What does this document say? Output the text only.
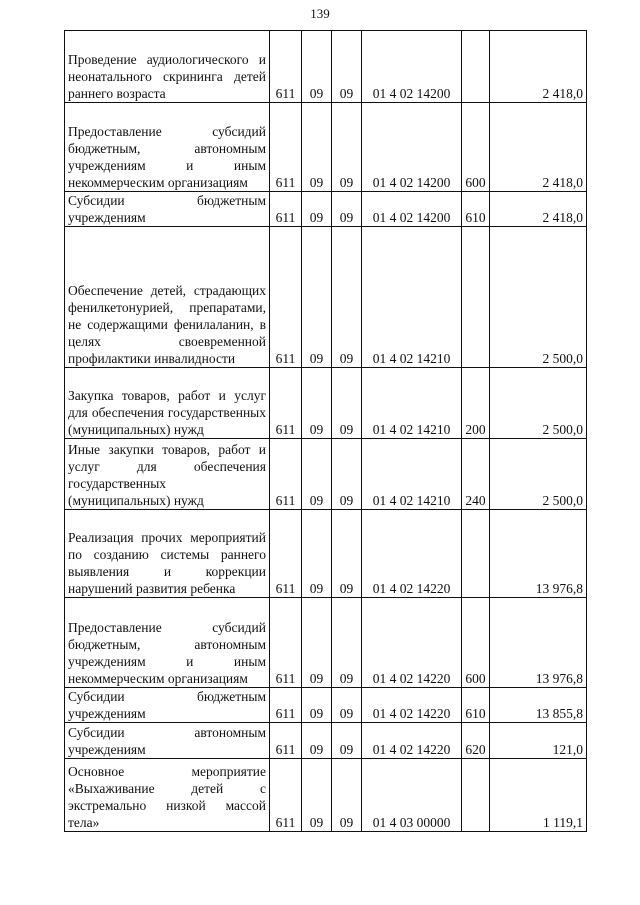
139
Проведение аудиологического и неонатального скрининга детей раннего возраста	611	09	09	01 4 02 14200		2 418,0
Предоставление субсидий бюджетным, автономным учреждениям и иным некоммерческим организациям	611	09	09	01 4 02 14200	600	2 418,0
Субсидии бюджетным учреждениям	611	09	09	01 4 02 14200	610	2 418,0
Обеспечение детей, страдающих фенилкетонурией, препаратами, не содержащими фенилаланин, в целях своевременной профилактики инвалидности	611	09	09	01 4 02 14210		2 500,0
Закупка товаров, работ и услуг для обеспечения государственных (муниципальных) нужд	611	09	09	01 4 02 14210	200	2 500,0
Иные закупки товаров, работ и услуг для обеспечения государственных (муниципальных) нужд	611	09	09	01 4 02 14210	240	2 500,0
Реализация прочих мероприятий по созданию системы раннего выявления и коррекции нарушений развития ребенка	611	09	09	01 4 02 14220		13 976,8
Предоставление субсидий бюджетным, автономным учреждениям и иным некоммерческим организациям	611	09	09	01 4 02 14220	600	13 976,8
Субсидии бюджетным учреждениям	611	09	09	01 4 02 14220	610	13 855,8
Субсидии автономным учреждениям	611	09	09	01 4 02 14220	620	121,0
Основное мероприятие «Выхаживание детей с экстремально низкой массой тела»	611	09	09	01 4 03 00000		1 119,1
